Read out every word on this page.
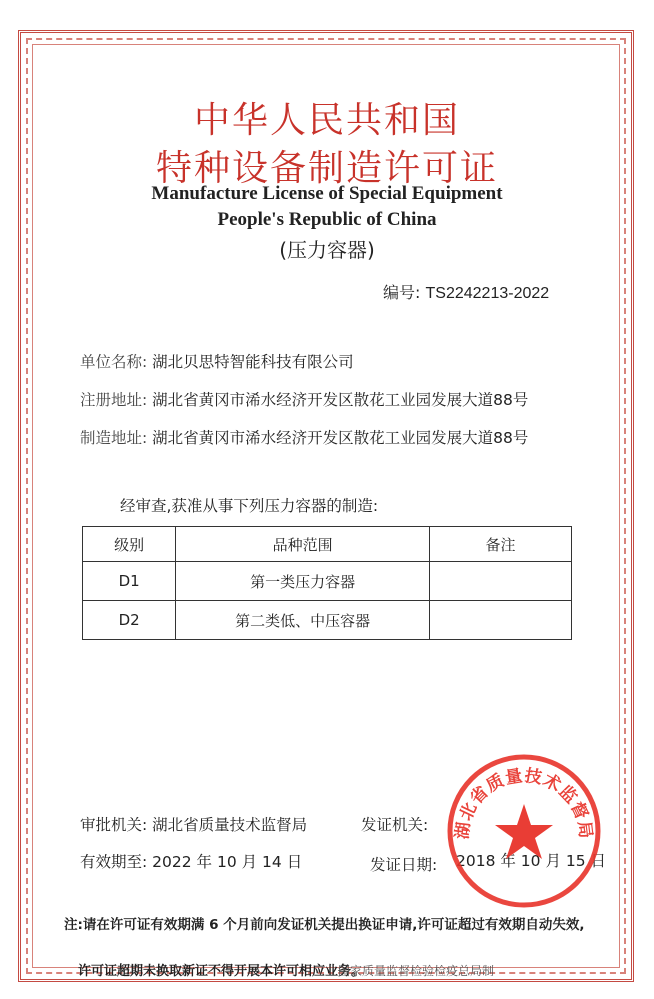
中华人民共和国
特种设备制造许可证
Manufacture License of Special Equipment
People's Republic of China
(压力容器)
编号: TS2242213-2022
单位名称: 湖北贝思特智能科技有限公司
注册地址: 湖北省黄冈市浠水经济开发区散花工业园发展大道88号
制造地址: 湖北省黄冈市浠水经济开发区散花工业园发展大道88号
经审查,获准从事下列压力容器的制造:
级别	品种范围	备注
D1	第一类压力容器	
D2	第二类低、中压容器	
审批机关: 湖北省质量技术监督局
有效期至: 2022 年 10 月 14 日
发证机关:
发证日期: 2018 年 10 月 15 日
湖北省质量技术监督局
注:请在许可证有效期满 6 个月前向发证机关提出换证申请,许可证超过有效期自动失效,
许可证超期未换取新证不得开展本许可相应业务。
国家质量监督检验检疫总局制
